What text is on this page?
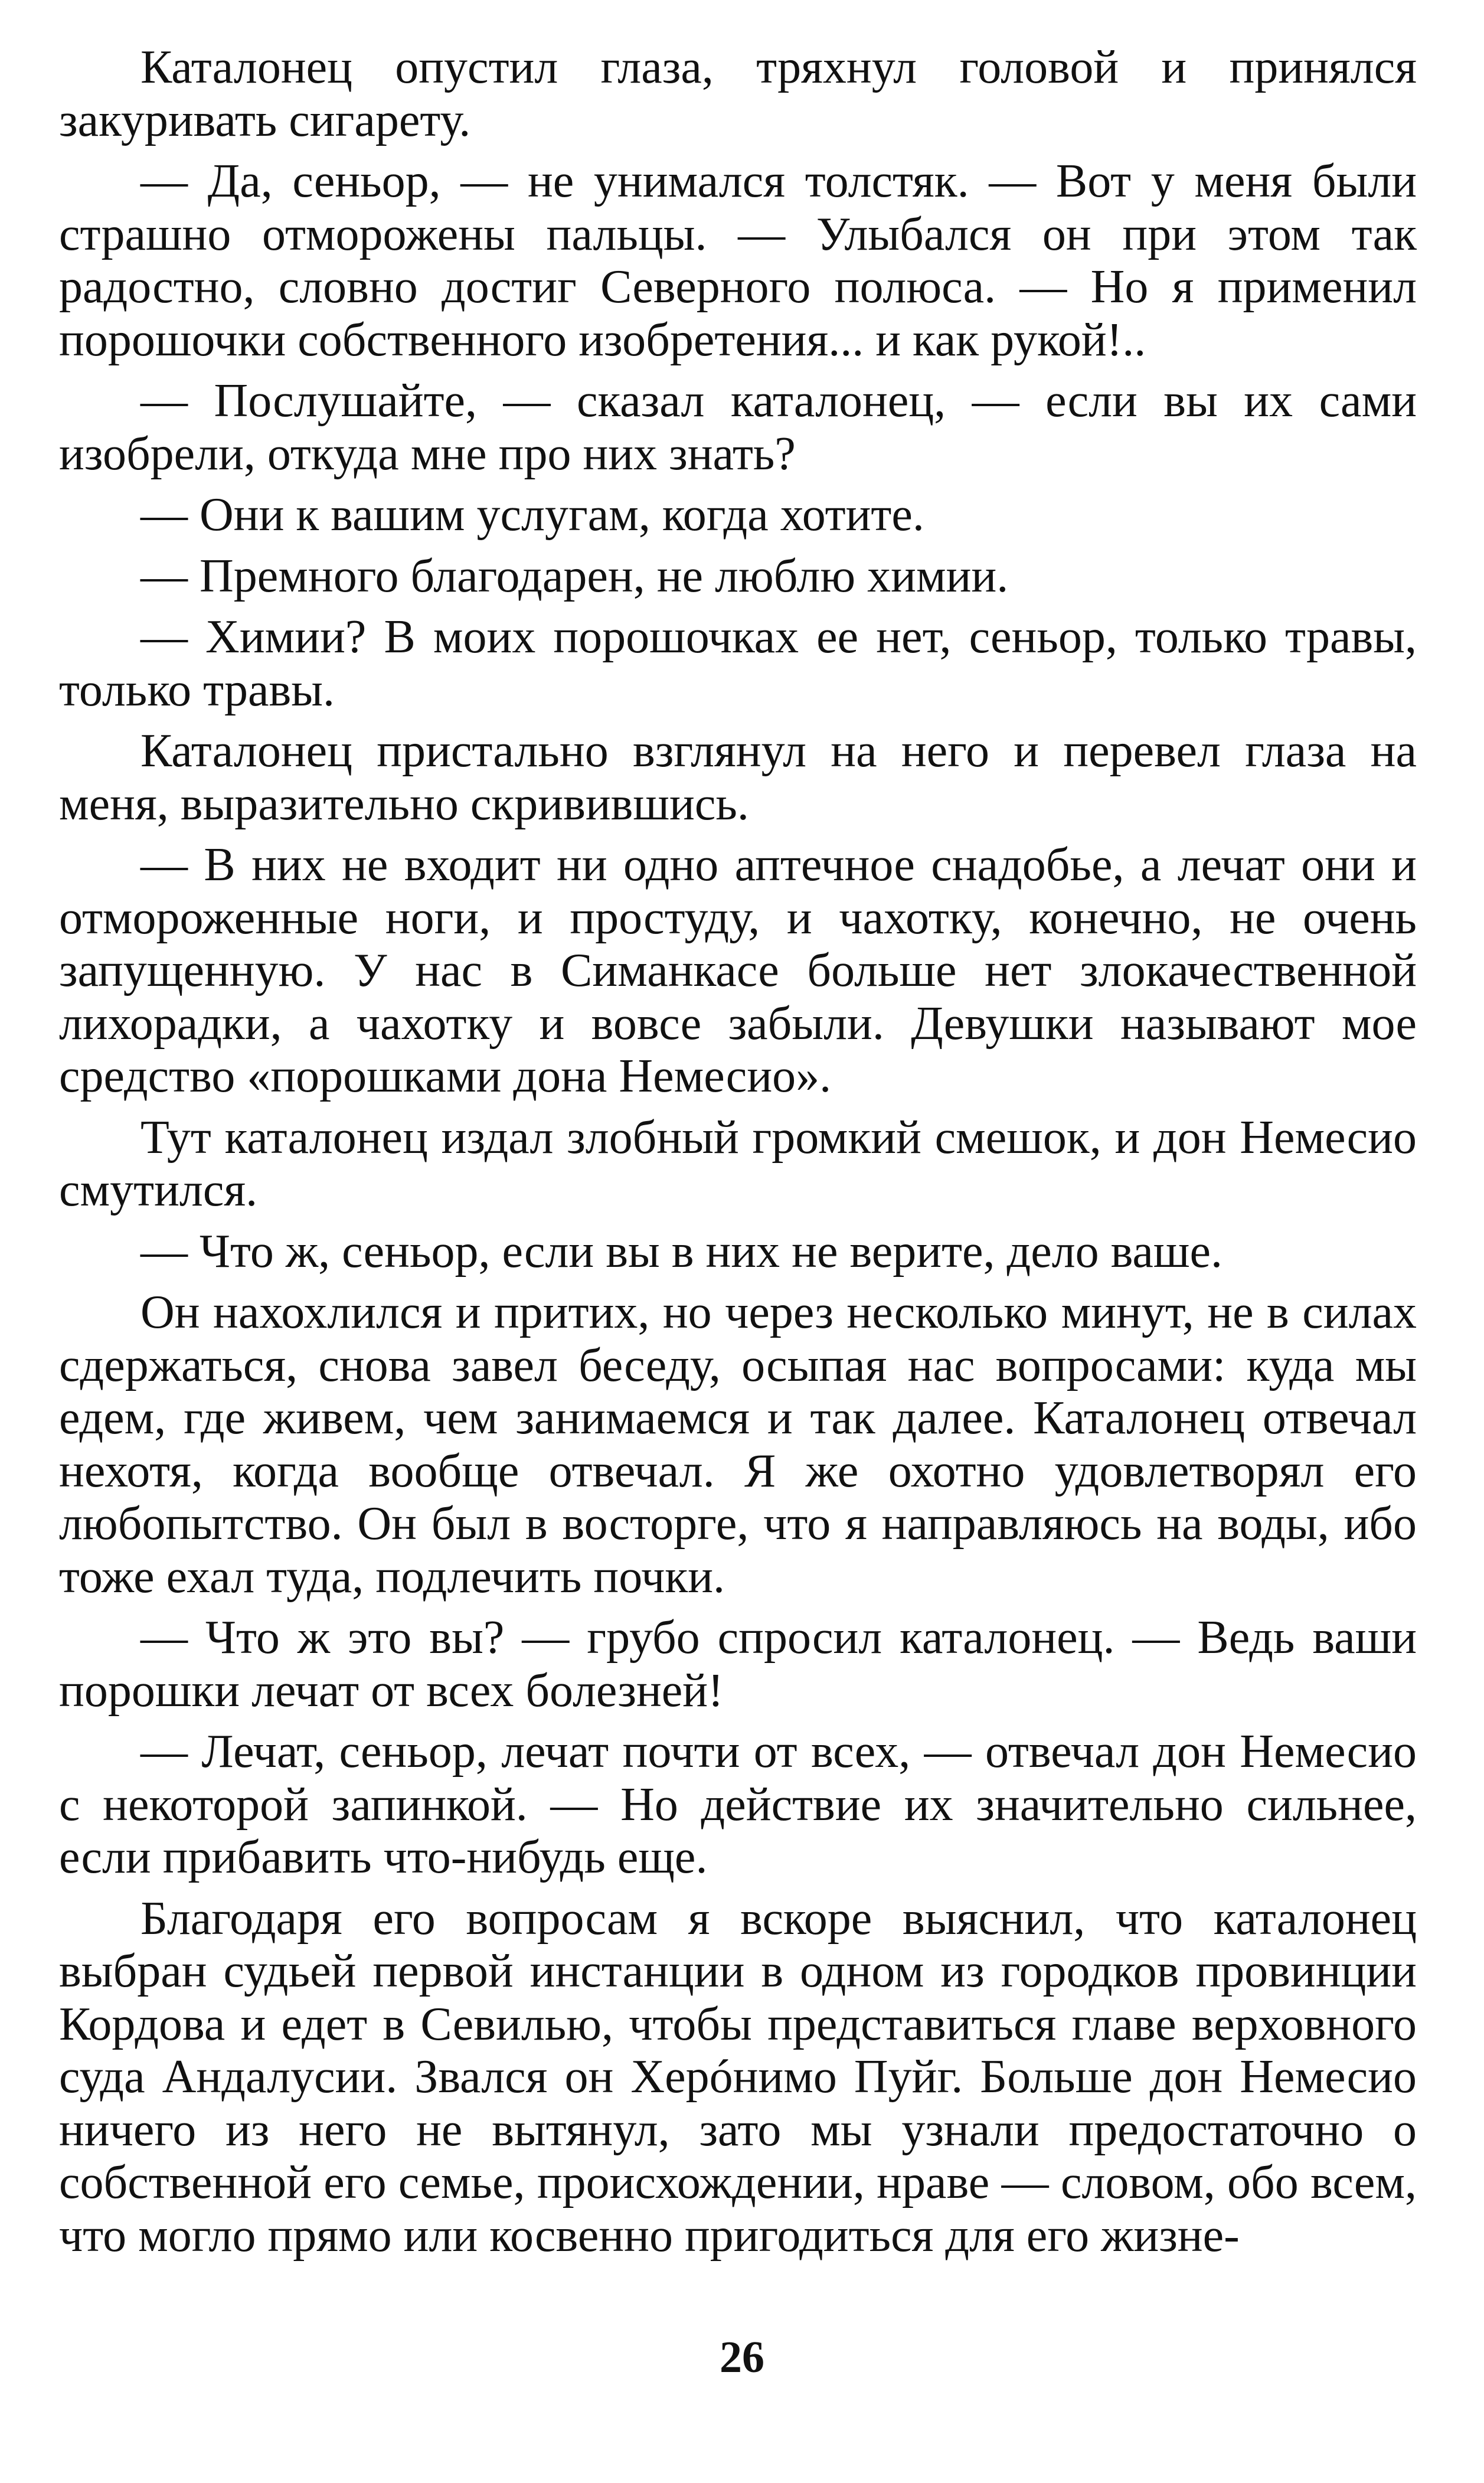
Каталонец опустил глаза, тряхнул головой и принялся закуривать сигарету.

— Да, сеньор, — не унимался толстяк. — Вот у меня были страшно отморожены пальцы. — Улыбался он при этом так радостно, словно достиг Северного полюса. — Но я применил порошочки собственного изобретения... и как рукой!..

— Послушайте, — сказал каталонец, — если вы их сами изобрели, откуда мне про них знать?

— Они к вашим услугам, когда хотите.

— Премного благодарен, не люблю химии.

— Химии? В моих порошочках ее нет, сеньор, только травы, только травы.

Каталонец пристально взглянул на него и перевел глаза на меня, выразительно скривившись.

— В них не входит ни одно аптечное снадобье, а лечат они и отмороженные ноги, и простуду, и чахотку, конечно, не очень запущенную. У нас в Симанкасе больше нет злокачественной лихорадки, а чахотку и вовсе забыли. Девушки называют мое средство «порошками дона Немесио».

Тут каталонец издал злобный громкий смешок, и дон Немесио смутился.

— Что ж, сеньор, если вы в них не верите, дело ваше.

Он нахохлился и притих, но через несколько минут, не в силах сдержаться, снова завел беседу, осыпая нас вопросами: куда мы едем, где живем, чем занимаемся и так далее. Каталонец отвечал нехотя, когда вообще отвечал. Я же охотно удовлетворял его любопытство. Он был в восторге, что я направляюсь на воды, ибо тоже ехал туда, подлечить почки.

— Что ж это вы? — грубо спросил каталонец. — Ведь ваши порошки лечат от всех болезней!

— Лечат, сеньор, лечат почти от всех, — отвечал дон Немесио с некоторой запинкой. — Но действие их значительно сильнее, если прибавить что-нибудь еще.

Благодаря его вопросам я вскоре выяснил, что каталонец выбран судьей первой инстанции в одном из городков провинции Кордова и едет в Севилью, чтобы представиться главе верховного суда Андалусии. Звался он Херóнимо Пуйг. Больше дон Немесио ничего из него не вытянул, зато мы узнали предостаточно о собственной его семье, происхождении, нраве — словом, обо всем, что могло прямо или косвенно пригодиться для его жизне-

26
